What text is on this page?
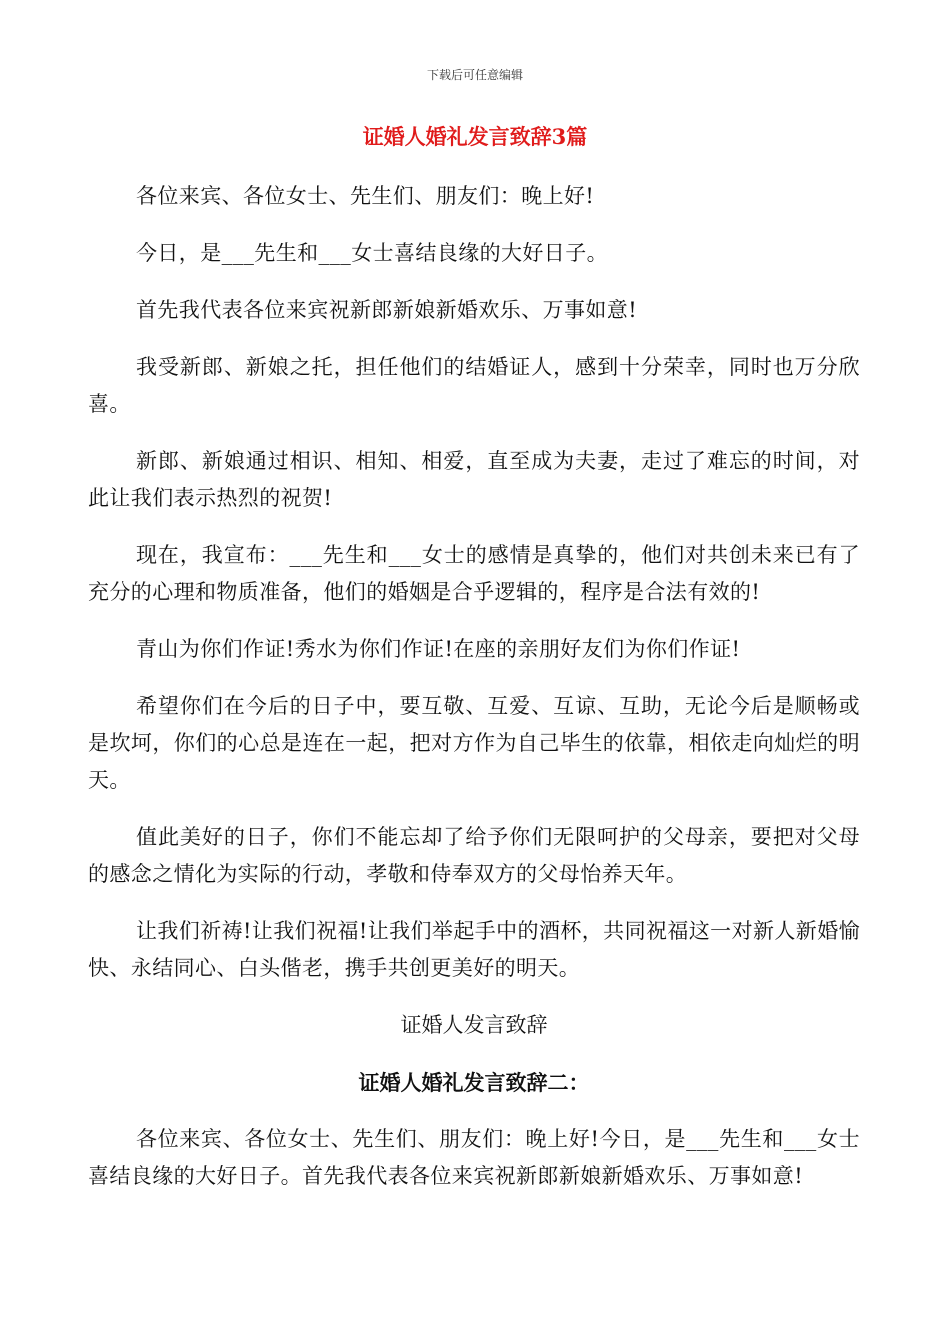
下载后可任意编辑
证婚人婚礼发言致辞3篇

各位来宾、各位女士、先生们、朋友们：晚上好!

今日，是___先生和___女士喜结良缘的大好日子。

首先我代表各位来宾祝新郎新娘新婚欢乐、万事如意!

我受新郎、新娘之托，担任他们的结婚证人，感到十分荣幸，同时也万分欣喜。

新郎、新娘通过相识、相知、相爱，直至成为夫妻，走过了难忘的时间，对此让我们表示热烈的祝贺!

现在，我宣布：___先生和___女士的感情是真挚的，他们对共创未来已有了充分的心理和物质准备，他们的婚姻是合乎逻辑的，程序是合法有效的!

青山为你们作证!秀水为你们作证!在座的亲朋好友们为你们作证!

希望你们在今后的日子中，要互敬、互爱、互谅、互助，无论今后是顺畅或是坎坷，你们的心总是连在一起，把对方作为自己毕生的依靠，相依走向灿烂的明天。

值此美好的日子，你们不能忘却了给予你们无限呵护的父母亲，要把对父母的感念之情化为实际的行动，孝敬和侍奉双方的父母怡养天年。

让我们祈祷!让我们祝福!让我们举起手中的酒杯，共同祝福这一对新人新婚愉快、永结同心、白头偕老，携手共创更美好的明天。

证婚人发言致辞

证婚人婚礼发言致辞二：

各位来宾、各位女士、先生们、朋友们：晚上好!今日，是___先生和___女士喜结良缘的大好日子。首先我代表各位来宾祝新郎新娘新婚欢乐、万事如意!
